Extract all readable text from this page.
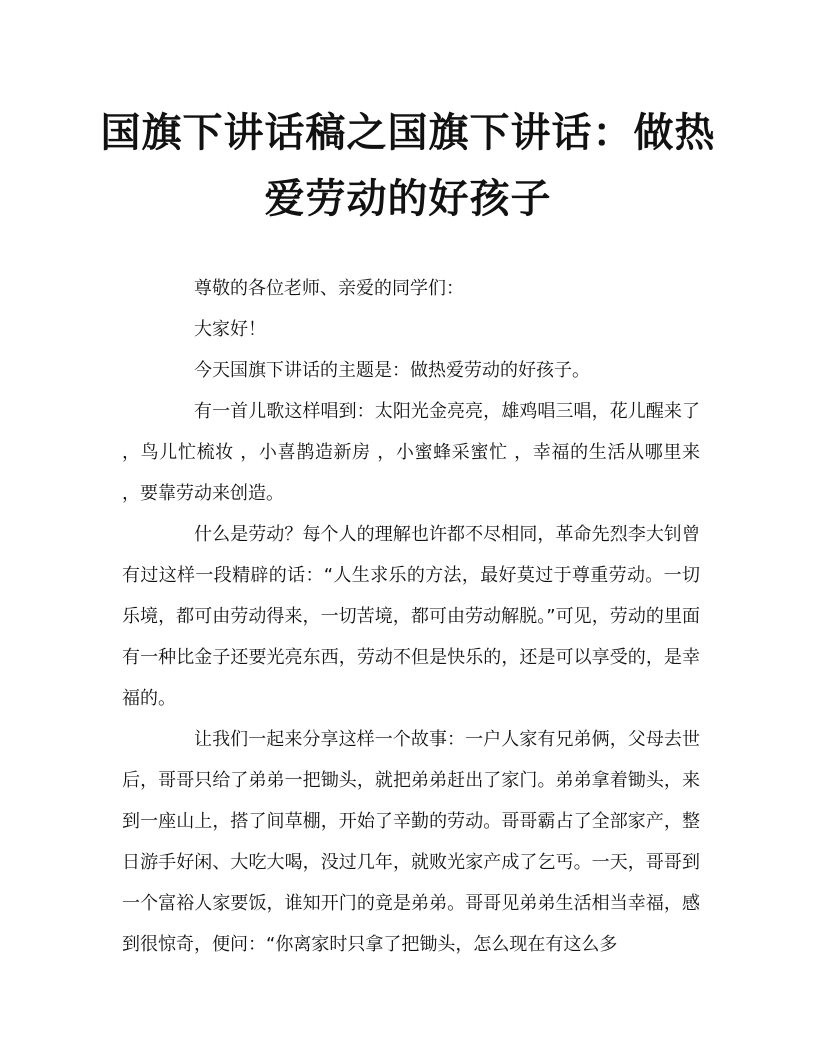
国旗下讲话稿之国旗下讲话：做热爱劳动的好孩子

尊敬的各位老师、亲爱的同学们：

大家好！

今天国旗下讲话的主题是：做热爱劳动的好孩子。

有一首儿歌这样唱到：太阳光金亮亮，雄鸡唱三唱，花儿醒来了 ，鸟儿忙梳妆 ，小喜鹊造新房 ，小蜜蜂采蜜忙 ，幸福的生活从哪里来 ，要靠劳动来创造。

什么是劳动？每个人的理解也许都不尽相同，革命先烈李大钊曾有过这样一段精辟的话：“人生求乐的方法，最好莫过于尊重劳动。一切乐境，都可由劳动得来，一切苦境，都可由劳动解脱。”可见，劳动的里面有一种比金子还要光亮东西，劳动不但是快乐的，还是可以享受的，是幸福的。

让我们一起来分享这样一个故事：一户人家有兄弟俩，父母去世后，哥哥只给了弟弟一把锄头，就把弟弟赶出了家门。弟弟拿着锄头，来到一座山上，搭了间草棚，开始了辛勤的劳动。哥哥霸占了全部家产，整日游手好闲、大吃大喝，没过几年，就败光家产成了乞丐。一天，哥哥到一个富裕人家要饭，谁知开门的竟是弟弟。哥哥见弟弟生活相当幸福，感到很惊奇，便问：“你离家时只拿了把锄头，怎么现在有这么多
